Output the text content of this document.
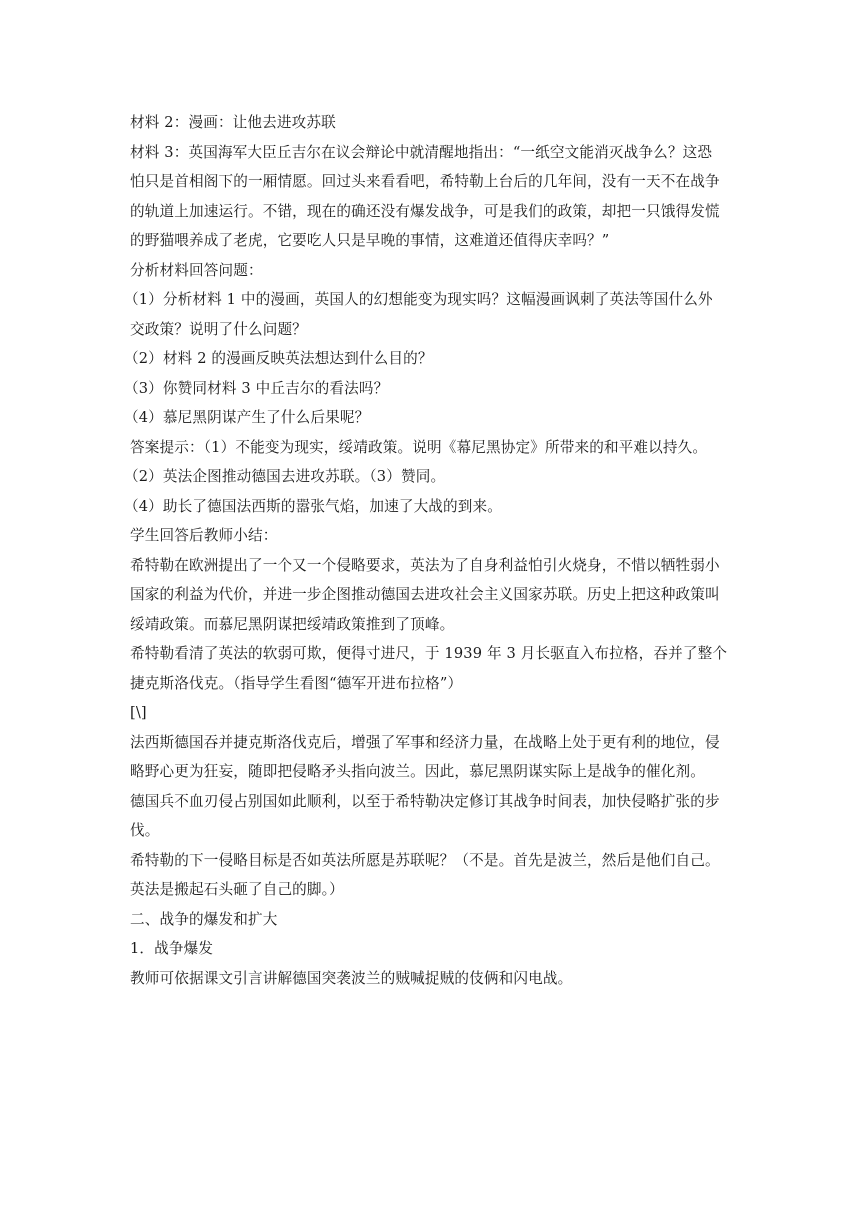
材料 2：漫画：让他去进攻苏联
材料 3：英国海军大臣丘吉尔在议会辩论中就清醒地指出：“一纸空文能消灭战争么？这恐
怕只是首相阁下的一厢情愿。回过头来看看吧，希特勒上台后的几年间，没有一天不在战争
的轨道上加速运行。不错，现在的确还没有爆发战争，可是我们的政策，却把一只饿得发慌
的野猫喂养成了老虎，它要吃人只是早晚的事情，这难道还值得庆幸吗？”
分析材料回答问题：
（1）分析材料 1 中的漫画，英国人的幻想能变为现实吗？这幅漫画讽刺了英法等国什么外
交政策？说明了什么问题？
（2）材料 2 的漫画反映英法想达到什么目的？
（3）你赞同材料 3 中丘吉尔的看法吗？
（4）慕尼黑阴谋产生了什么后果呢？
答案提示：（1）不能变为现实，绥靖政策。说明《幕尼黑协定》所带来的和平难以持久。
（2）英法企图推动德国去进攻苏联。（3）赞同。
（4）助长了德国法西斯的嚣张气焰，加速了大战的到来。
学生回答后教师小结：
希特勒在欧洲提出了一个又一个侵略要求，英法为了自身利益怕引火烧身，不惜以牺牲弱小
国家的利益为代价，并进一步企图推动德国去进攻社会主义国家苏联。历史上把这种政策叫
绥靖政策。而慕尼黑阴谋把绥靖政策推到了顶峰。
希特勒看清了英法的软弱可欺，便得寸进尺，于 1939 年 3 月长驱直入布拉格，吞并了整个
捷克斯洛伐克。（指导学生看图“德军开进布拉格”）
[\]
法西斯德国吞并捷克斯洛伐克后，增强了军事和经济力量，在战略上处于更有利的地位，侵
略野心更为狂妄，随即把侵略矛头指向波兰。因此，慕尼黑阴谋实际上是战争的催化剂。
德国兵不血刃侵占别国如此顺利，以至于希特勒决定修订其战争时间表，加快侵略扩张的步
伐。
希特勒的下一侵略目标是否如英法所愿是苏联呢？（不是。首先是波兰，然后是他们自己。
英法是搬起石头砸了自己的脚。）
二、战争的爆发和扩大
1．战争爆发
教师可依据课文引言讲解德国突袭波兰的贼喊捉贼的伎俩和闪电战。
